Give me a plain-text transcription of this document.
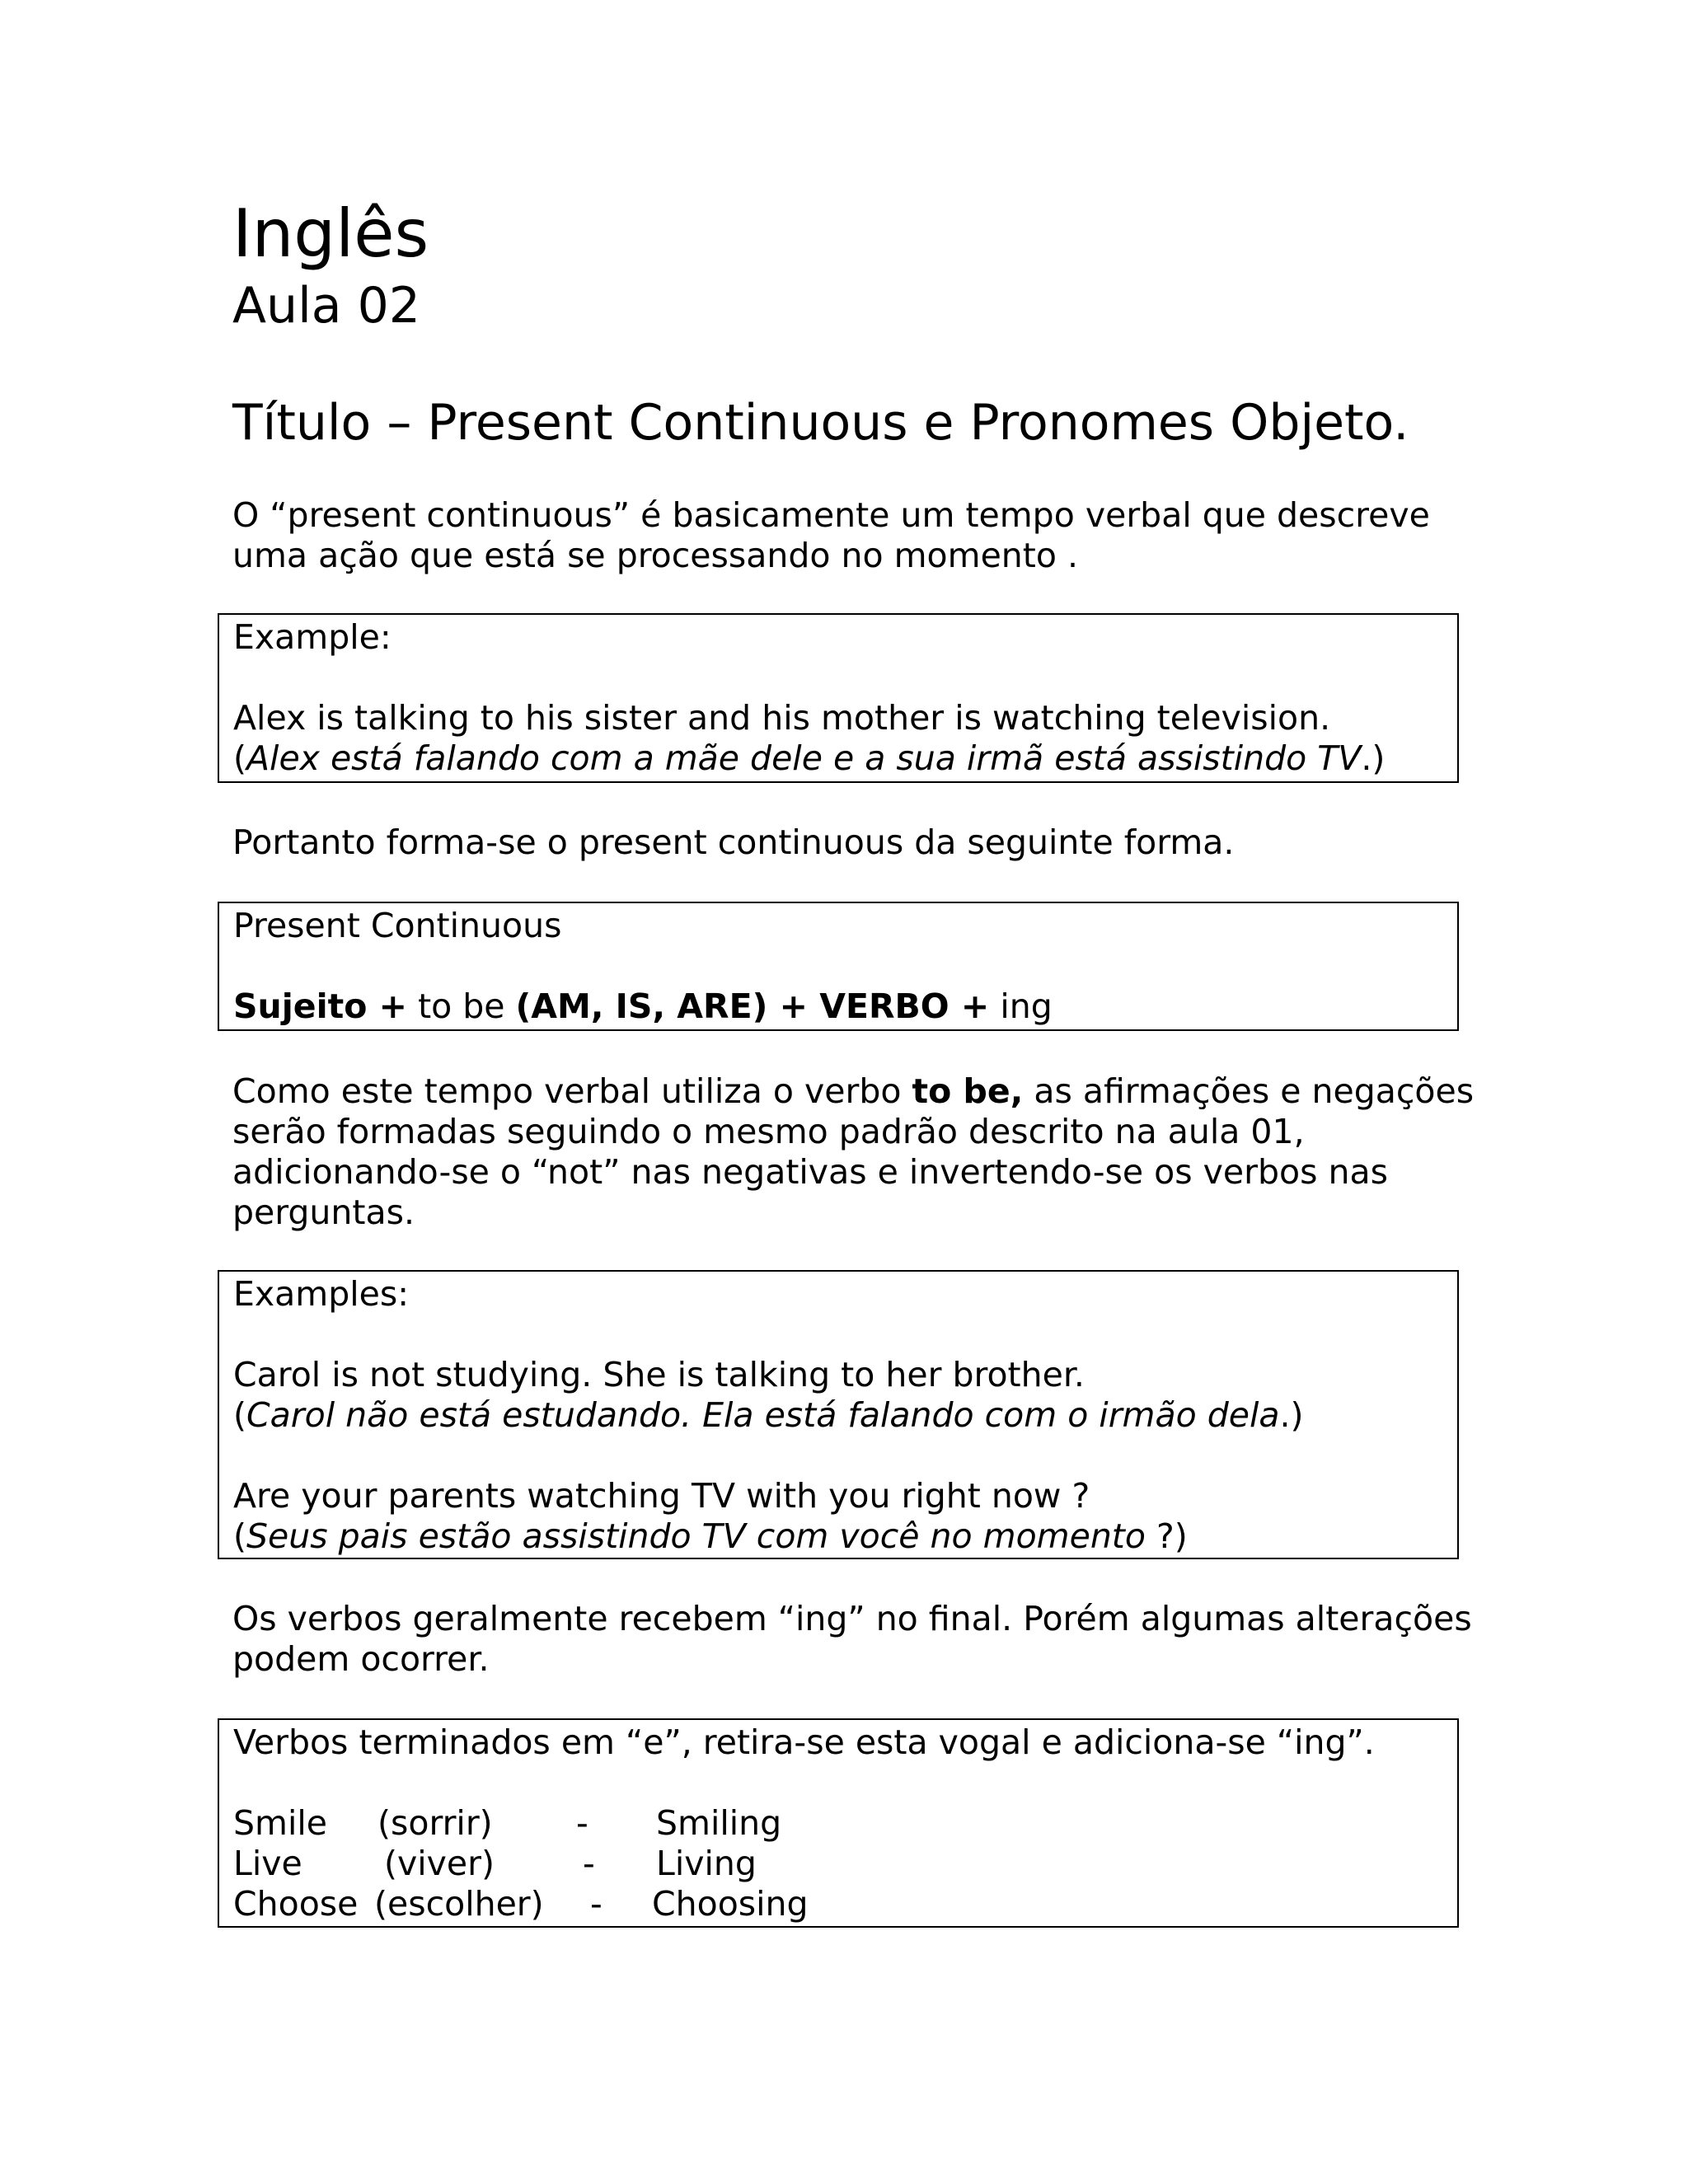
Inglês
Aula 02
Título – Present Continuous e Pronomes Objeto.
O “present continuous” é basicamente um tempo verbal que descreve
uma ação que está se processando no momento .

Example:

Alex is talking to his sister and his mother is watching television.

(Alex está falando com a mãe dele e a sua irmã está assistindo TV.)

Portanto forma-se o present continuous da seguinte forma.

Present Continuous

Sujeito + to be (AM, IS, ARE) + VERBO + ing

Como este tempo verbal utiliza o verbo to be, as afirmações e negações
serão formadas seguindo o mesmo padrão descrito na aula 01,
adicionando-se o “not” nas negativas e invertendo-se os verbos nas
perguntas.

Examples:

Carol is not studying. She is talking to her brother.

(Carol não está estudando. Ela está falando com o irmão dela.)

Are your parents watching TV with you right now ?

(Seus pais estão assistindo TV com você no momento ?)

Os verbos geralmente recebem “ing” no final. Porém algumas alterações
podem ocorrer.

Verbos terminados em “e”, retira-se esta vogal e adiciona-se “ing”.

Smile (sorrir) - Smiling
Live (viver)	- Living
Choose (escolher) - Choosing
